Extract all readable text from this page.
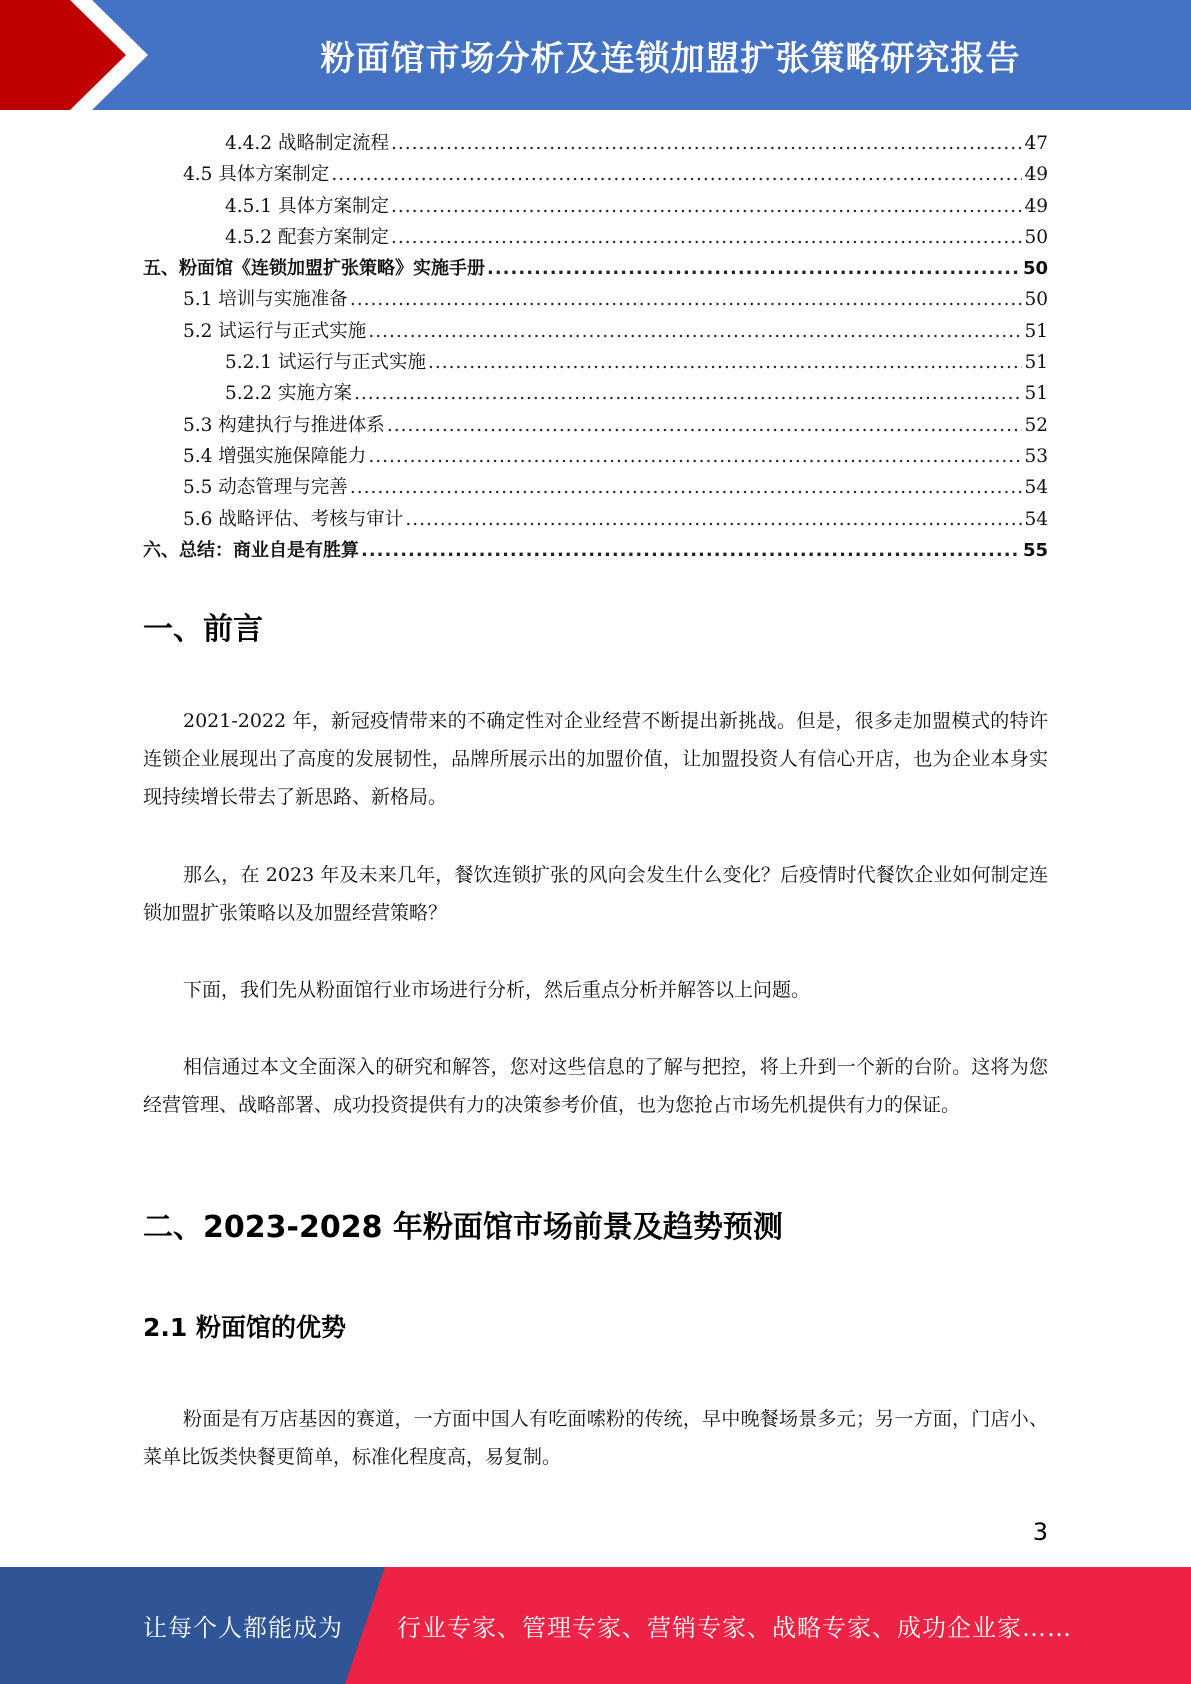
粉面馆市场分析及连锁加盟扩张策略研究报告
4.4.2 战略制定流程 .....	47
4.5 具体方案制定 .....	49
4.5.1 具体方案制定 .....	49
4.5.2 配套方案制定 .....	50
五、粉面馆《连锁加盟扩张策略》实施手册 .....	50
5.1 培训与实施准备 .....	50
5.2 试运行与正式实施 .....	51
5.2.1 试运行与正式实施 .....	51
5.2.2 实施方案 .....	51
5.3 构建执行与推进体系 .....	52
5.4 增强实施保障能力 .....	53
5.5 动态管理与完善 .....	54
5.6 战略评估、考核与审计 .....	54
六、总结：商业自是有胜算 .....	55
一、前言

2021-2022 年，新冠疫情带来的不确定性对企业经营不断提出新挑战。但是，很多走加盟模式的特许连锁企业展现出了高度的发展韧性，品牌所展示出的加盟价值，让加盟投资人有信心开店，也为企业本身实现持续增长带去了新思路、新格局。

那么，在 2023 年及未来几年，餐饮连锁扩张的风向会发生什么变化？后疫情时代餐饮企业如何制定连锁加盟扩张策略以及加盟经营策略？

下面，我们先从粉面馆行业市场进行分析，然后重点分析并解答以上问题。

相信通过本文全面深入的研究和解答，您对这些信息的了解与把控，将上升到一个新的台阶。这将为您经营管理、战略部署、成功投资提供有力的决策参考价值，也为您抢占市场先机提供有力的保证。

二、2023-2028 年粉面馆市场前景及趋势预测
2.1 粉面馆的优势

粉面是有万店基因的赛道，一方面中国人有吃面嗦粉的传统，早中晚餐场景多元；另一方面，门店小、菜单比饭类快餐更简单，标准化程度高，易复制。

3
让每个人都能成为 行业专家、管理专家、营销专家、战略专家、成功企业家……
